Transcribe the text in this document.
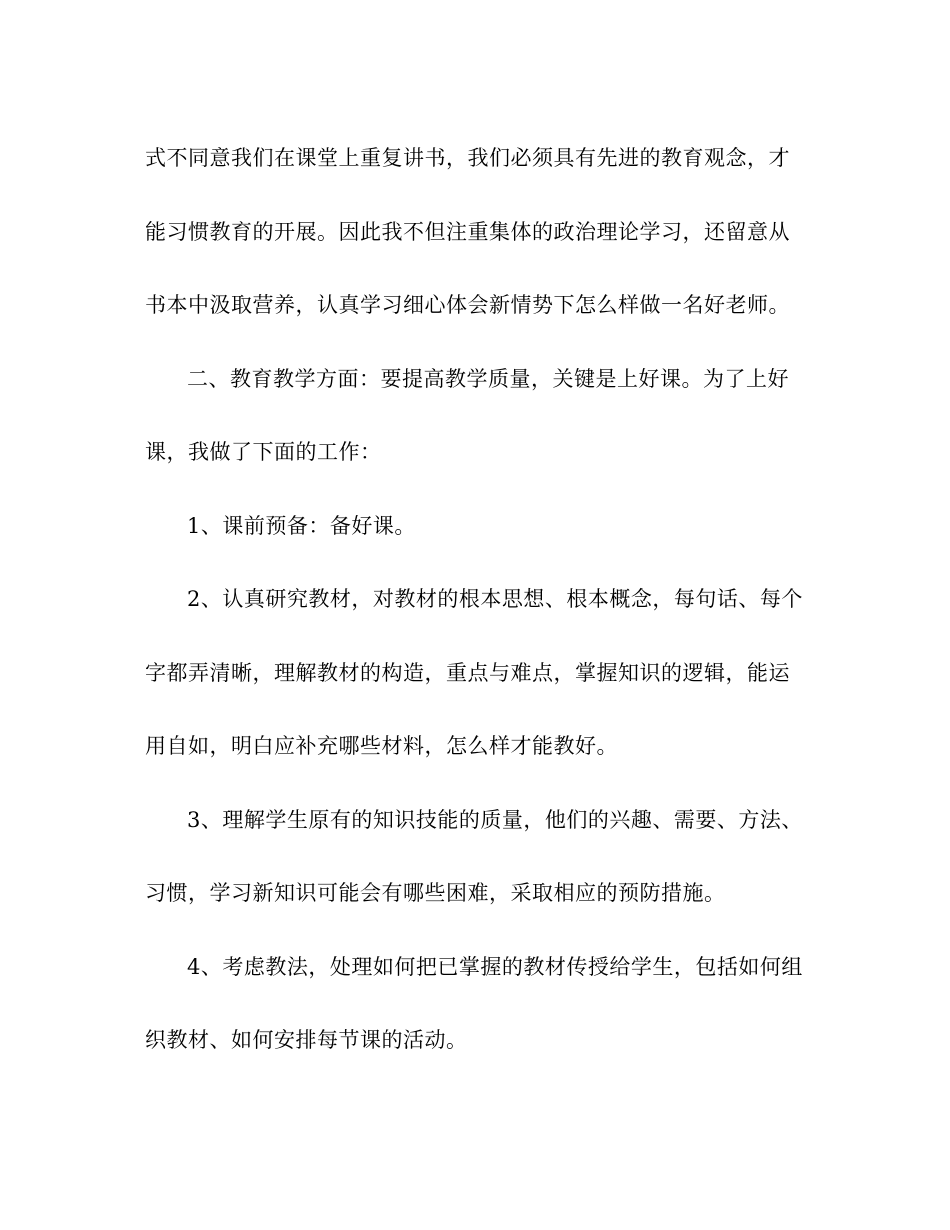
式不同意我们在课堂上重复讲书，我们必须具有先进的教育观念，才
能习惯教育的开展。因此我不但注重集体的政治理论学习，还留意从
书本中汲取营养，认真学习细心体会新情势下怎么样做一名好老师。
二、教育教学方面：要提高教学质量，关键是上好课。为了上好
课，我做了下面的工作：
1、课前预备：备好课。
2、认真研究教材，对教材的根本思想、根本概念，每句话、每个
字都弄清晰，理解教材的构造，重点与难点，掌握知识的逻辑，能运
用自如，明白应补充哪些材料，怎么样才能教好。
3、理解学生原有的知识技能的质量，他们的兴趣、需要、方法、
习惯，学习新知识可能会有哪些困难，采取相应的预防措施。
4、考虑教法，处理如何把已掌握的教材传授给学生，包括如何组
织教材、如何安排每节课的活动。
